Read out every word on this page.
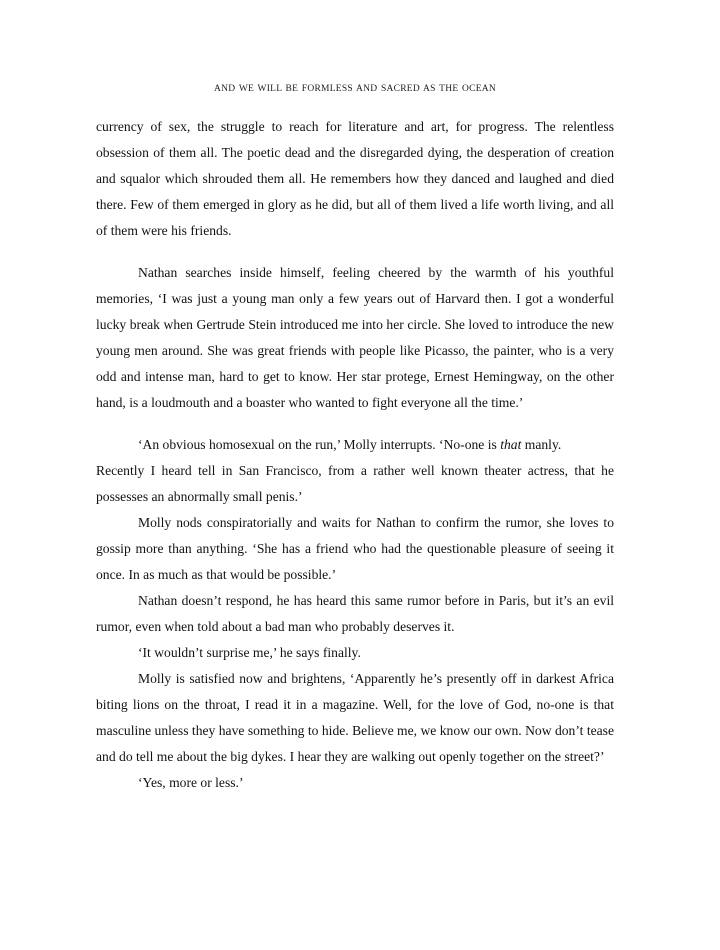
AND WE WILL BE FORMLESS AND SACRED AS THE OCEAN

currency of sex, the struggle to reach for literature and art, for progress. The relentless obsession of them all. The poetic dead and the disregarded dying, the desperation of creation and squalor which shrouded them all. He remembers how they danced and laughed and died there. Few of them emerged in glory as he did, but all of them lived a life worth living, and all of them were his friends.

Nathan searches inside himself, feeling cheered by the warmth of his youthful memories, ‘I was just a young man only a few years out of Harvard then. I got a wonderful lucky break when Gertrude Stein introduced me into her circle. She loved to introduce the new young men around. She was great friends with people like Picasso, the painter, who is a very odd and intense man, hard to get to know. Her star protege, Ernest Hemingway, on the other hand, is a loudmouth and a boaster who wanted to fight everyone all the time.’

‘An obvious homosexual on the run,’ Molly interrupts. ‘No-one is that manly.
Recently I heard tell in San Francisco, from a rather well known theater actress, that he possesses an abnormally small penis.’

Molly nods conspiratorially and waits for Nathan to confirm the rumor, she loves to gossip more than anything. ‘She has a friend who had the questionable pleasure of seeing it once. In as much as that would be possible.’

Nathan doesn’t respond, he has heard this same rumor before in Paris, but it’s an evil rumor, even when told about a bad man who probably deserves it.

‘It wouldn’t surprise me,’ he says finally.

Molly is satisfied now and brightens, ‘Apparently he’s presently off in darkest Africa biting lions on the throat, I read it in a magazine. Well, for the love of God, no-one is that masculine unless they have something to hide. Believe me, we know our own. Now don’t tease and do tell me about the big dykes. I hear they are walking out openly together on the street?’

‘Yes, more or less.’
